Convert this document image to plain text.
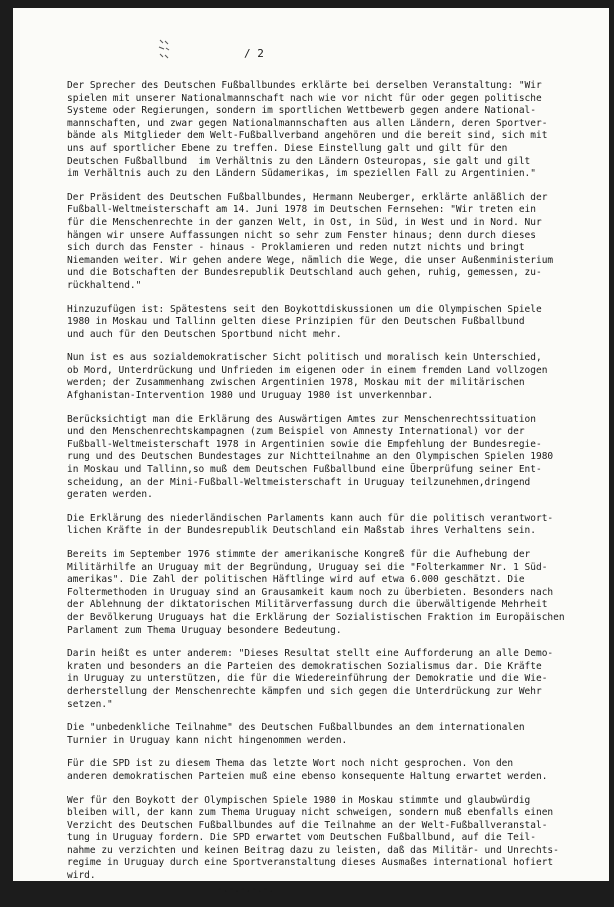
/ 2
Der Sprecher des Deutschen Fußballbundes erklärte bei derselben Veranstaltung: "Wir
spielen mit unserer Nationalmannschaft nach wie vor nicht für oder gegen politische
Systeme oder Regierungen, sondern im sportlichen Wettbewerb gegen andere National-
mannschaften, und zwar gegen Nationalmannschaften aus allen Ländern, deren Sportver-
bände als Mitglieder dem Welt-Fußballverband angehören und die bereit sind, sich mit
uns auf sportlicher Ebene zu treffen. Diese Einstellung galt und gilt für den
Deutschen Fußballbund  im Verhältnis zu den Ländern Osteuropas, sie galt und gilt
im Verhältnis auch zu den Ländern Südamerikas, im speziellen Fall zu Argentinien."
Der Präsident des Deutschen Fußballbundes, Hermann Neuberger, erklärte anläßlich der
Fußball-Weltmeisterschaft am 14. Juni 1978 im Deutschen Fernsehen: "Wir treten ein
für die Menschenrechte in der ganzen Welt, in Ost, in Süd, in West und in Nord. Nur
hängen wir unsere Auffassungen nicht so sehr zum Fenster hinaus; denn durch dieses
sich durch das Fenster - hinaus - Proklamieren und reden nutzt nichts und bringt
Niemanden weiter. Wir gehen andere Wege, nämlich die Wege, die unser Außenministerium
und die Botschaften der Bundesrepublik Deutschland auch gehen, ruhig, gemessen, zu-
rückhaltend."
Hinzuzufügen ist: Spätestens seit den Boykottdiskussionen um die Olympischen Spiele
1980 in Moskau und Tallinn gelten diese Prinzipien für den Deutschen Fußballbund
und auch für den Deutschen Sportbund nicht mehr.
Nun ist es aus sozialdemokratischer Sicht politisch und moralisch kein Unterschied,
ob Mord, Unterdrückung und Unfrieden im eigenen oder in einem fremden Land vollzogen
werden; der Zusammenhang zwischen Argentinien 1978, Moskau mit der militärischen
Afghanistan-Intervention 1980 und Uruguay 1980 ist unverkennbar.
Berücksichtigt man die Erklärung des Auswärtigen Amtes zur Menschenrechtssituation
und den Menschenrechtskampagnen (zum Beispiel von Amnesty International) vor der
Fußball-Weltmeisterschaft 1978 in Argentinien sowie die Empfehlung der Bundesregie-
rung und des Deutschen Bundestages zur Nichtteilnahme an den Olympischen Spielen 1980
in Moskau und Tallinn,so muß dem Deutschen Fußballbund eine Überprüfung seiner Ent-
scheidung, an der Mini-Fußball-Weltmeisterschaft in Uruguay teilzunehmen,dringend
geraten werden.
Die Erklärung des niederländischen Parlaments kann auch für die politisch verantwort-
lichen Kräfte in der Bundesrepublik Deutschland ein Maßstab ihres Verhaltens sein.
Bereits im September 1976 stimmte der amerikanische Kongreß für die Aufhebung der
Militärhilfe an Uruguay mit der Begründung, Uruguay sei die "Folterkammer Nr. 1 Süd-
amerikas". Die Zahl der politischen Häftlinge wird auf etwa 6.000 geschätzt. Die
Foltermethoden in Uruguay sind an Grausamkeit kaum noch zu überbieten. Besonders nach
der Ablehnung der diktatorischen Militärverfassung durch die überwältigende Mehrheit
der Bevölkerung Uruguays hat die Erklärung der Sozialistischen Fraktion im Europäischen
Parlament zum Thema Uruguay besondere Bedeutung.
Darin heißt es unter anderem: "Dieses Resultat stellt eine Aufforderung an alle Demo-
kraten und besonders an die Parteien des demokratischen Sozialismus dar. Die Kräfte
in Uruguay zu unterstützen, die für die Wiedereinführung der Demokratie und die Wie-
derherstellung der Menschenrechte kämpfen und sich gegen die Unterdrückung zur Wehr
setzen."
Die "unbedenkliche Teilnahme" des Deutschen Fußballbundes an dem internationalen
Turnier in Uruguay kann nicht hingenommen werden.
Für die SPD ist zu diesem Thema das letzte Wort noch nicht gesprochen. Von den
anderen demokratischen Parteien muß eine ebenso konsequente Haltung erwartet werden.
Wer für den Boykott der Olympischen Spiele 1980 in Moskau stimmte und glaubwürdig
bleiben will, der kann zum Thema Uruguay nicht schweigen, sondern muß ebenfalls einen
Verzicht des Deutschen Fußballbundes auf die Teilnahme an der Welt-Fußballveranstal-
tung in Uruguay fordern. Die SPD erwartet vom Deutschen Fußballbund, auf die Teil-
nahme zu verzichten und keinen Beitrag dazu zu leisten, daß das Militär- und Unrechts-
regime in Uruguay durch eine Sportveranstaltung dieses Ausmaßes international hofiert
wird.
-.-.-.-.-.
